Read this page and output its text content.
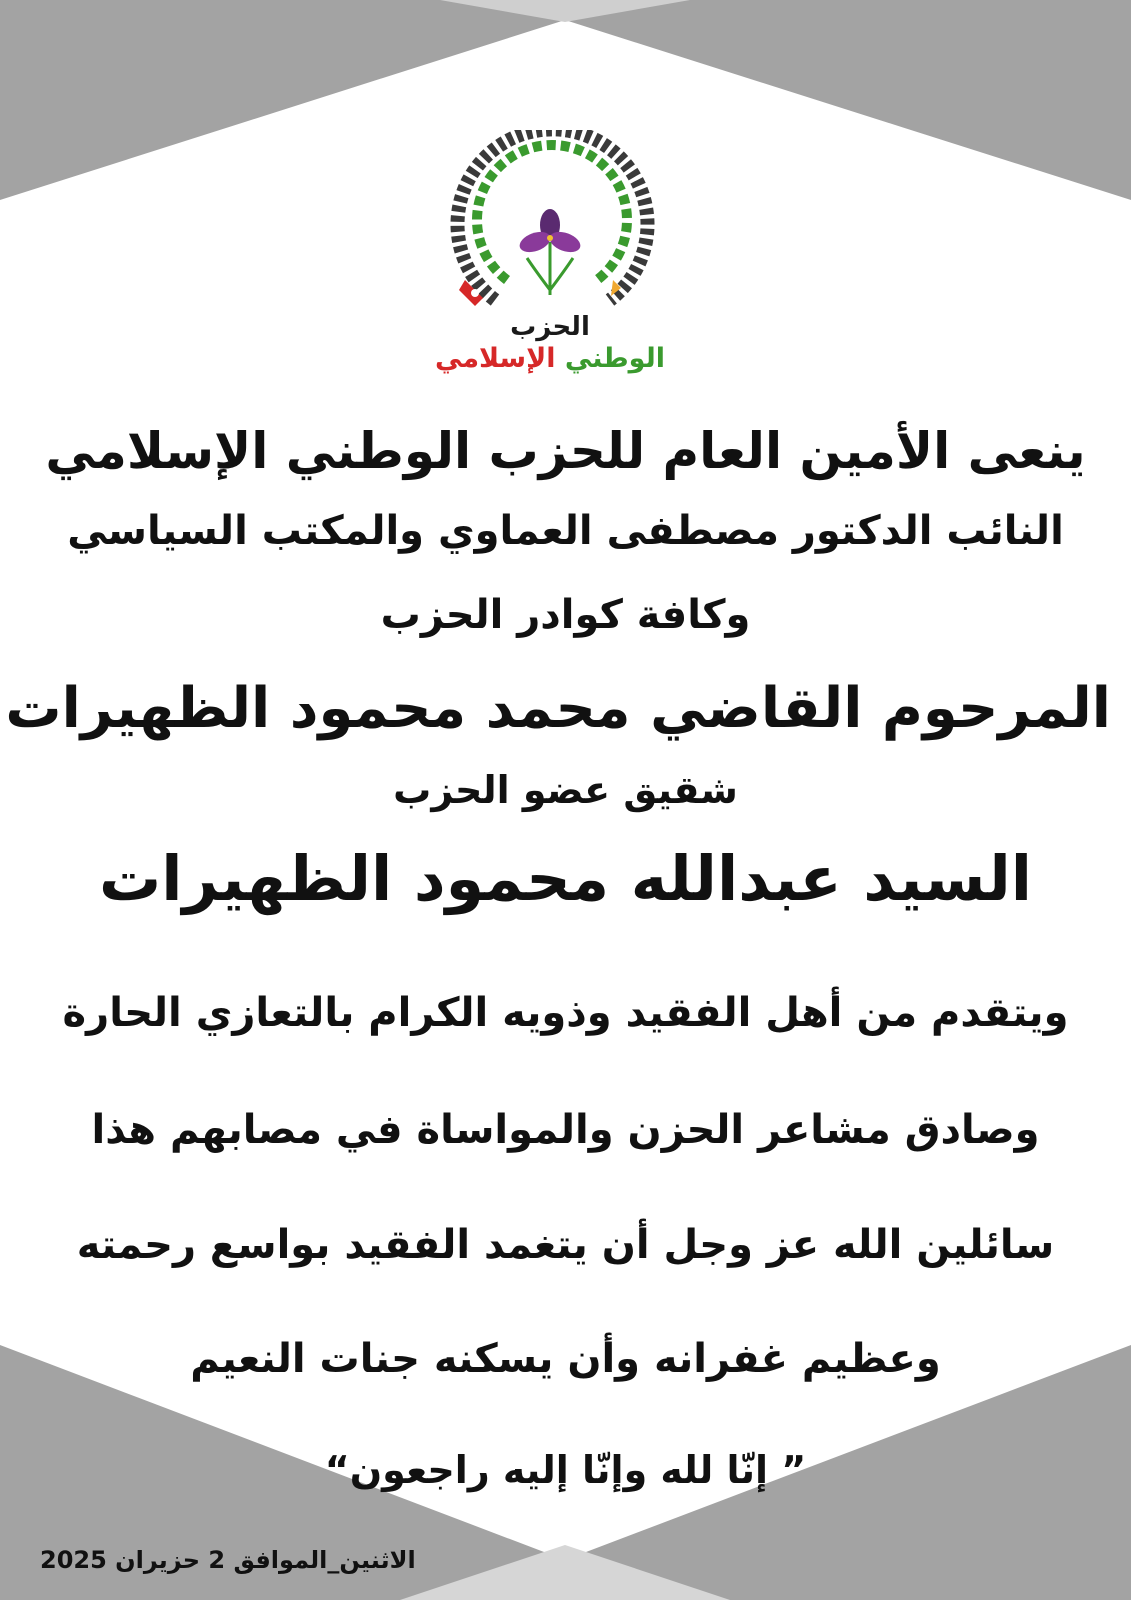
الحزب
الوطني الإسلامي
ينعى الأمين العام للحزب الوطني الإسلامي
النائب الدكتور مصطفى العماوي والمكتب السياسي
وكافة كوادر الحزب
المرحوم القاضي محمد محمود الظهيرات
شقيق عضو الحزب
السيد عبدالله محمود الظهيرات
ويتقدم من أهل الفقيد وذويه الكرام بالتعازي الحارة
وصادق مشاعر الحزن والمواساة في مصابهم هذا
سائلين الله عز وجل أن يتغمد الفقيد بواسع رحمته
وعظيم غفرانه وأن يسكنه جنات النعيم
” إنّا لله وإنّا إليه راجعون“
الاثنين_الموافق 2 حزيران 2025
